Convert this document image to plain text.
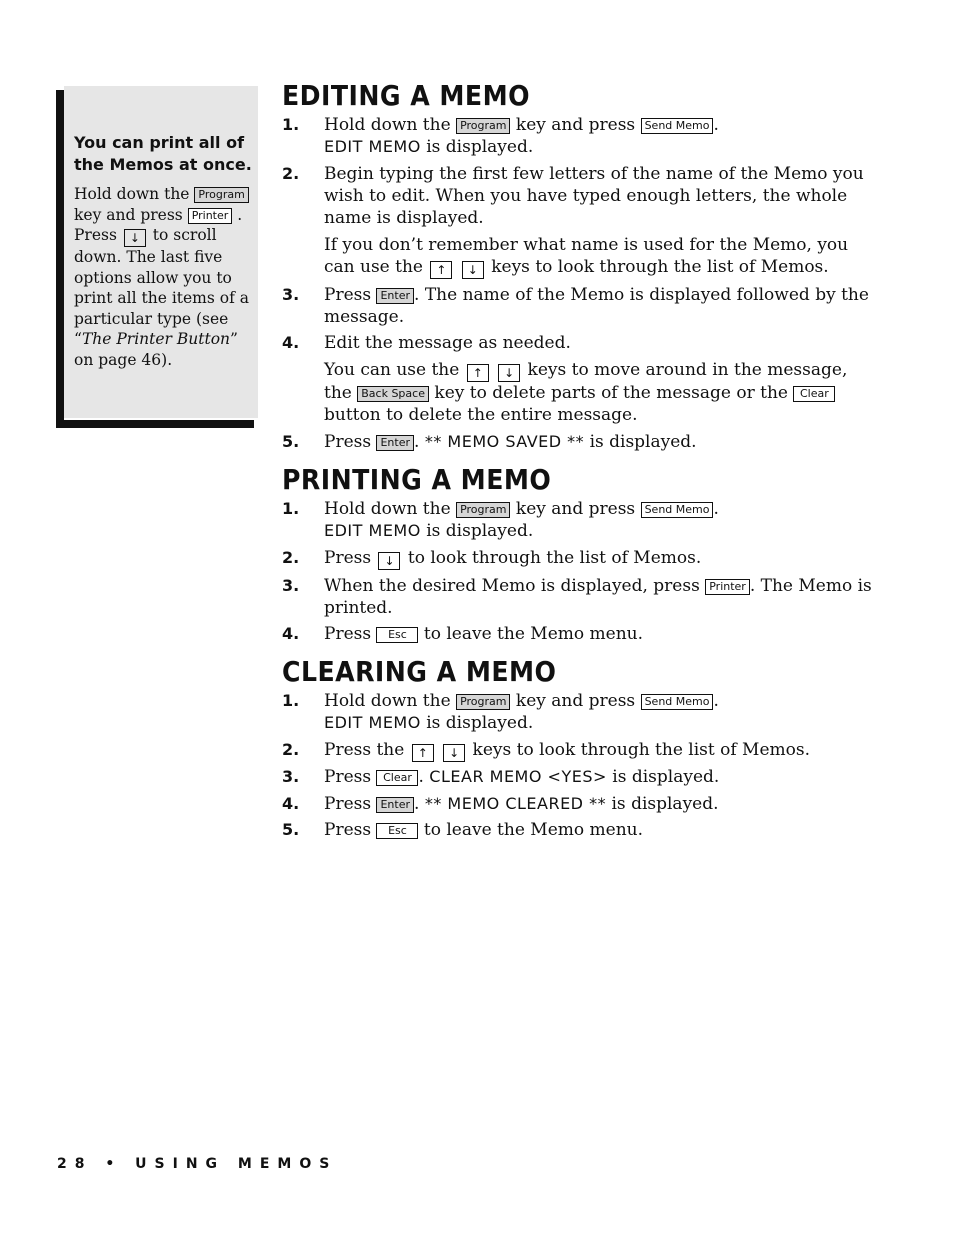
You can print all of the Memos at once.
Hold down the Program key and press Printer . Press ↓ to scroll down. The last five options allow you to print all the items of a particular type (see “The Printer Button” on page 46).
EDITING A MEMO
1. Hold down the Program key and press Send Memo .
EDIT MEMO is displayed.
2. Begin typing the first few letters of the name of the Memo you wish to edit. When you have typed enough letters, the whole name is displayed.
If you don’t remember what name is used for the Memo, you can use the ↑ ↓ keys to look through the list of Memos.
3. Press Enter . The name of the Memo is displayed followed by the message.
4. Edit the message as needed.
You can use the ↑ ↓ keys to move around in the message, the Back Space key to delete parts of the message or the Clear button to delete the entire message.
5. Press Enter . ** MEMO SAVED ** is displayed.
PRINTING A MEMO
1. Hold down the Program key and press Send Memo .
EDIT MEMO is displayed.
2. Press ↓ to look through the list of Memos.
3. When the desired Memo is displayed, press Printer . The Memo is printed.
4. Press Esc to leave the Memo menu.
CLEARING A MEMO
1. Hold down the Program key and press Send Memo .
EDIT MEMO is displayed.
2. Press the ↑ ↓ keys to look through the list of Memos.
3. Press Clear . CLEAR MEMO <YES> is displayed.
4. Press Enter . ** MEMO CLEARED ** is displayed.
5. Press Esc to leave the Memo menu.
28 • USING MEMOS
